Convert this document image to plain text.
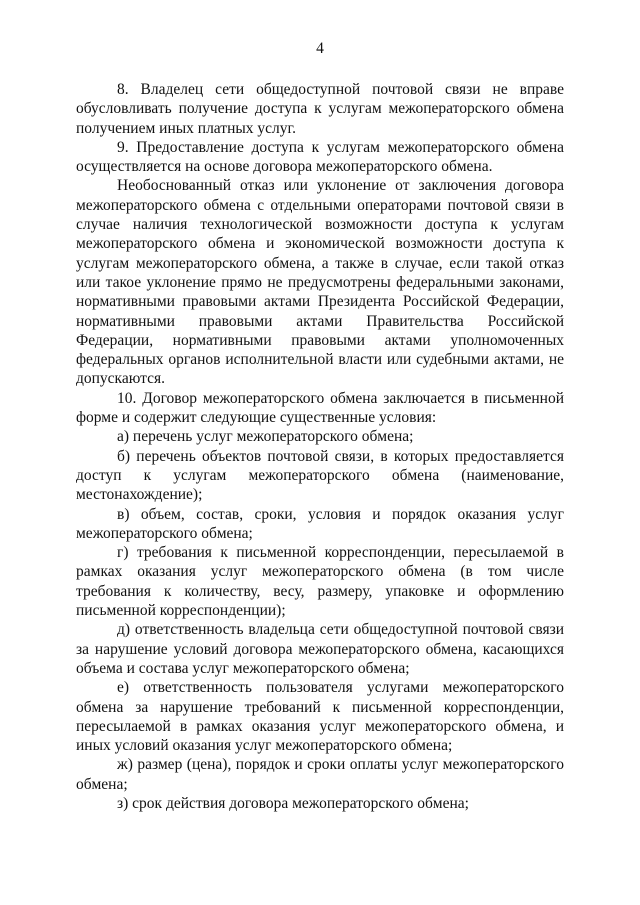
4

8. Владелец сети общедоступной почтовой связи не вправе обусловливать получение доступа к услугам межоператорского обмена получением иных платных услуг.

9. Предоставление доступа к услугам межоператорского обмена осуществляется на основе договора межоператорского обмена.

Необоснованный отказ или уклонение от заключения договора межоператорского обмена с отдельными операторами почтовой связи в случае наличия технологической возможности доступа к услугам межоператорского обмена и экономической возможности доступа к услугам межоператорского обмена, а также в случае, если такой отказ или такое уклонение прямо не предусмотрены федеральными законами, нормативными правовыми актами Президента Российской Федерации, нормативными правовыми актами Правительства Российской Федерации, нормативными правовыми актами уполномоченных федеральных органов исполнительной власти или судебными актами, не допускаются.

10. Договор межоператорского обмена заключается в письменной форме и содержит следующие существенные условия:

а) перечень услуг межоператорского обмена;

б) перечень объектов почтовой связи, в которых предоставляется доступ к услугам межоператорского обмена (наименование, местонахождение);

в) объем, состав, сроки, условия и порядок оказания услуг межоператорского обмена;

г) требования к письменной корреспонденции, пересылаемой в рамках оказания услуг межоператорского обмена (в том числе требования к количеству, весу, размеру, упаковке и оформлению письменной корреспонденции);

д) ответственность владельца сети общедоступной почтовой связи за нарушение условий договора межоператорского обмена, касающихся объема и состава услуг межоператорского обмена;

е) ответственность пользователя услугами межоператорского обмена за нарушение требований к письменной корреспонденции, пересылаемой в рамках оказания услуг межоператорского обмена, и иных условий оказания услуг межоператорского обмена;

ж) размер (цена), порядок и сроки оплаты услуг межоператорского обмена;

з) срок действия договора межоператорского обмена;
